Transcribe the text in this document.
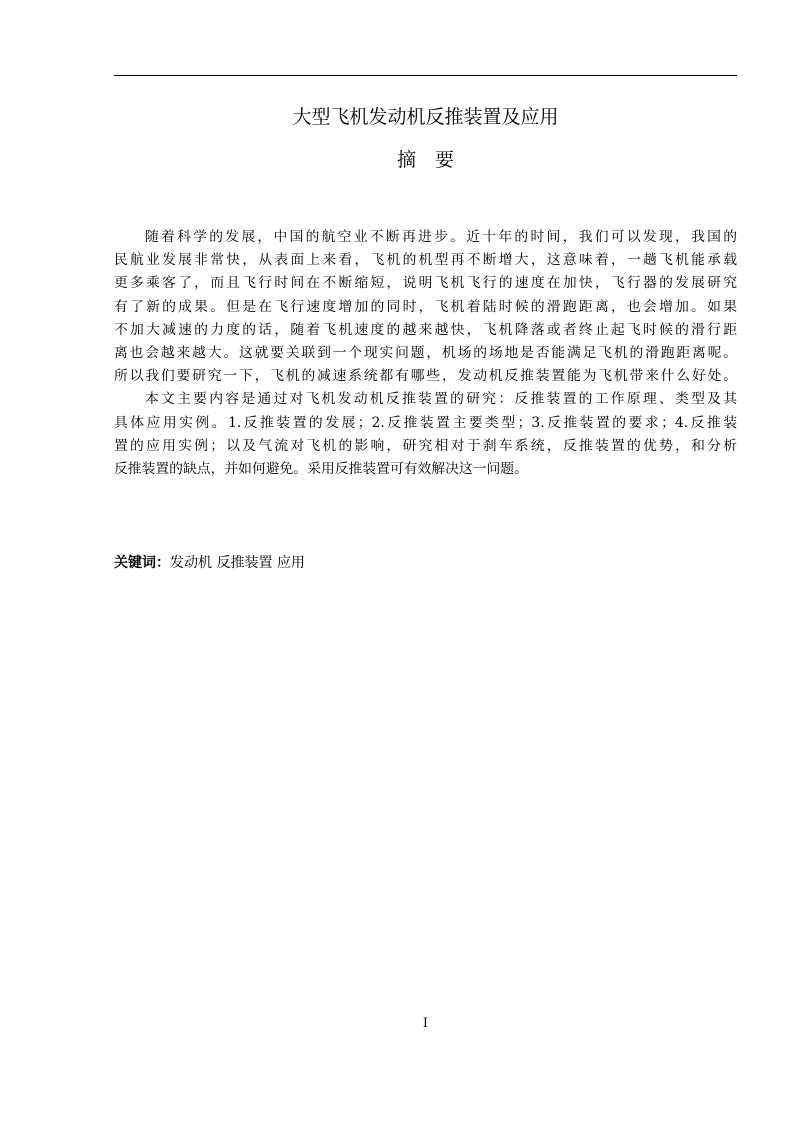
大型飞机发动机反推装置及应用
摘　要
随着科学的发展，中国的航空业不断再进步。近十年的时间，我们可以发现，我国的
民航业发展非常快，从表面上来看，飞机的机型再不断增大，这意味着，一趟飞机能承载
更多乘客了，而且飞行时间在不断缩短，说明飞机飞行的速度在加快，飞行器的发展研究
有了新的成果。但是在飞行速度增加的同时，飞机着陆时候的滑跑距离，也会增加。如果
不加大减速的力度的话，随着飞机速度的越来越快，飞机降落或者终止起飞时候的滑行距
离也会越来越大。这就要关联到一个现实问题，机场的场地是否能满足飞机的滑跑距离呢。
所以我们要研究一下，飞机的减速系统都有哪些，发动机反推装置能为飞机带来什么好处。
本文主要内容是通过对飞机发动机反推装置的研究：反推装置的工作原理、类型及其
具体应用实例。1.反推装置的发展；2.反推装置主要类型；3.反推装置的要求；4.反推装
置的应用实例；以及气流对飞机的影响，研究相对于刹车系统，反推装置的优势，和分析
反推装置的缺点，并如何避免。采用反推装置可有效解决这一问题。
关键词：发动机 反推装置 应用
I
